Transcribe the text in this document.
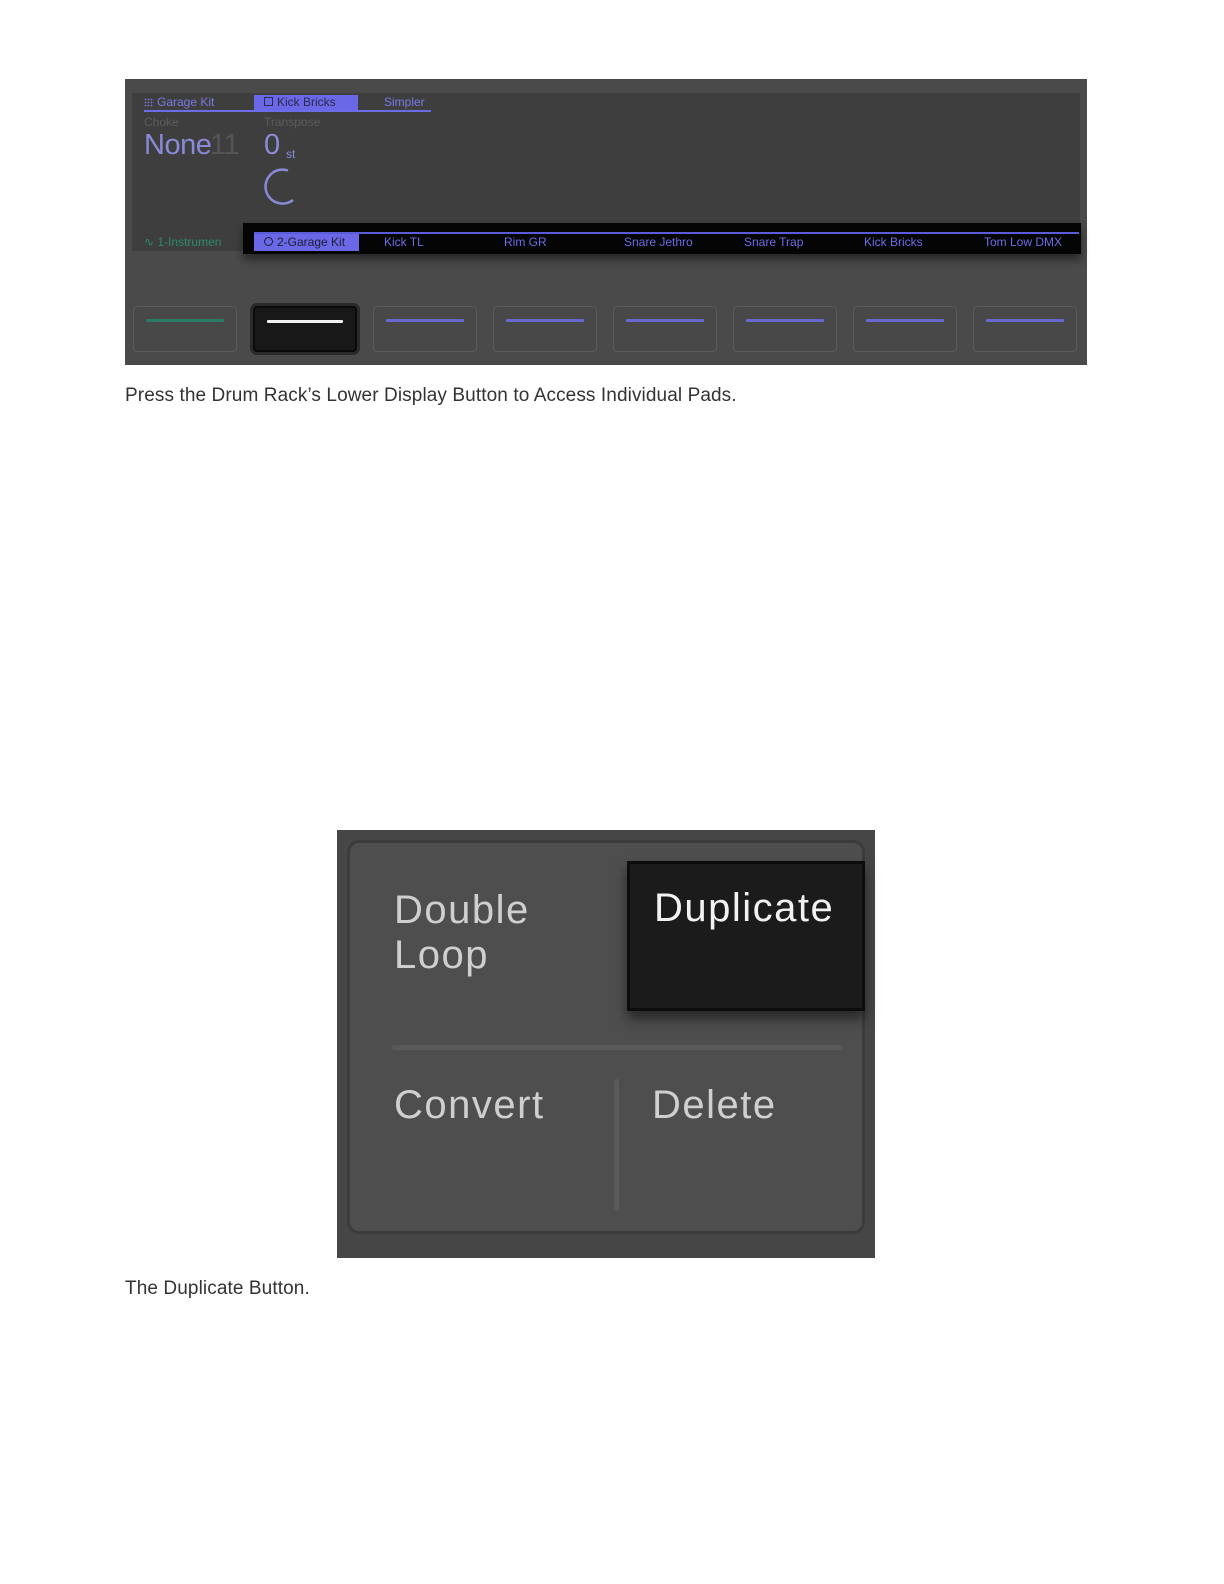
Garage Kit	Kick Bricks	Simpler
Choke	Transpose
None
11 0 st
∿ 1-Instrumen	2-Garage Kit	Kick TL	Rim GR	Snare Jethro	Snare Trap	Kick Bricks	Tom Low DMX
Press the Drum Rack’s Lower Display Button to Access Individual Pads.
Double
Loop
Duplicate
Convert	Delete
The Duplicate Button.
